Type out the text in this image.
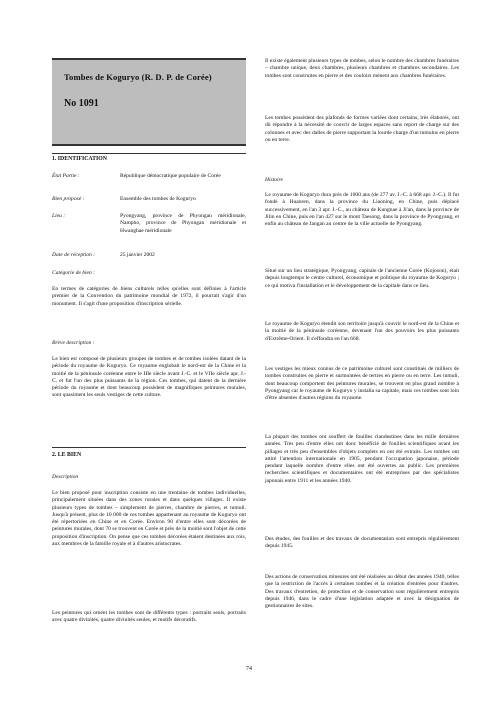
Tombes de Koguryo (R. D. P. de Corée)

No 1091

1. IDENTIFICATION
État Partie :	République démocratique populaire de Corée
Bien proposé :	Ensemble des tombes de Koguryo
Lieu :	Pyongyang, province de Phyongan méridionale, Nampho, province de Phyongan méridionale et Hwanghae méridionale
Date de réception :	25 janvier 2002
Catégorie de bien :
En termes de catégories de biens culturels telles qu'elles sont définies à l'article premier de la Convention du patrimoine mondial de 1972, il pourrait s'agir d'un monument. Il s'agit d'une proposition d'inscription sérielle.
Brève description :
Le bien est composé de plusieurs groupes de tombes et de tombes isolées datant de la période du royaume de Koguryo. Ce royaume englobait le nord-est de la Chine et la moitié de la péninsule coréenne entre le IIIe siècle avant J.-C. et le VIIe siècle apr. J.-C. et fut l'un des plus puissants de la région. Ces tombes, qui datent de la dernière période du royaume et dont beaucoup possèdent de magnifiques peintures murales, sont quasiment les seuls vestiges de cette culture.
2. LE BIEN
Description
Le bien proposé pour inscription consiste en une trentaine de tombes individuelles, principalement situées dans des zones rurales et dans quelques villages. Il existe plusieurs types de tombes – simplement de pierres, chambre de pierres, et tumuli. Jusqu'à présent, plus de 10 000 de ces tombes appartenant au royaume de Koguryo ont été répertoriées en Chine et en Corée. Environ 90 d'entre elles sont décorées de peintures murales, dont 70 se trouvent en Corée et près de la moitié sont l'objet de cette proposition d'inscription. On pense que ces tombes décorées étaient destinées aux rois, aux membres de la famille royale et à d'autres aristocrates.
Les peintures qui ornent les tombes sont de différents types : portraits seuls, portraits avec quatre divinités, quatre divinités seules, et motifs décoratifs.
Il existe également plusieurs types de tombes, selon le nombre des chambres funéraires – chambre unique, deux chambres, plusieurs chambres et chambres secondaires. Les tombes sont construites en pierre et des couloirs mènent aux chambres funéraires.
Les tombes possèdent des plafonds de formes variées dont certains, très élaborés, ont dû répondre à la nécessité de couvrir de larges espaces sans report de charge sur des colonnes et avec des dalles de pierre supportant la lourde charge d'un tumulus en pierre ou en terre.
Histoire
Le royaume de Koguryo dura près de 1000 ans (de 277 av. J.-C. à 668 apr. J.-C.). Il fut fondé à Huanren, dans la province du Liaoning, en Chine, puis déplacé successivement, en l'an 3 apr. J.-C., au château de Kungnae à Ji'an, dans la province de Jilin en Chine, puis en l'an 427 sur le mont Taesong, dans la province de Pyongyang, et enfin au château de Jangan au centre de la ville actuelle de Pyongyang.
Situé sur un lieu stratégique, Pyongyang, capitale de l'ancienne Corée (Kojoson), était depuis longtemps le centre culturel, économique et politique du royaume de Koguryo ; ce qui motiva l'installation et le développement de la capitale dans ce lieu.
Le royaume de Koguryo étendit son territoire jusqu'à couvrir le nord-est de la Chine et la moitié de la péninsule coréenne, devenant l'un des pouvoirs les plus puissants d'Extrême-Orient. Il s'effondra en l'an 668.
Les vestiges les mieux connus de ce patrimoine culturel sont constitués de milliers de tombes construites en pierre et surmontées de tertres en pierre ou en terre. Les tumuli, dont beaucoup comportent des peintures murales, se trouvent en plus grand nombre à Pyongyang car le royaume de Koguryo y installa sa capitale, mais ces tombes sont loin d'être absentes d'autres régions du royaume.
La plupart des tombes ont souffert de fouilles clandestines dans les mille dernières années. Très peu d'entre elles ont donc bénéficié de fouilles scientifiques avant les pillages et très peu d'ensembles d'objets complets en ont été extraits. Les tombes ont attiré l'attention internationale en 1905, pendant l'occupation japonaise, période pendant laquelle nombre d'entre elles ont été ouvertes au public. Les premières recherches scientifiques et documentaires ont été entreprises par des spécialistes japonais entre 1911 et les années 1940.
Des études, des fouilles et des travaux de documentation sont entrepris régulièrement depuis 1945.
Des actions de conservation mineures ont été réalisées au début des années 1940, telles que la restriction de l'accès à certaines tombes et la création d'entrées pour d'autres. Des travaux d'entretien, de protection et de conservation sont régulièrement entrepris depuis 1946, dans le cadre d'une législation adaptée et avec la désignation de gestionnaires de sites.
74
